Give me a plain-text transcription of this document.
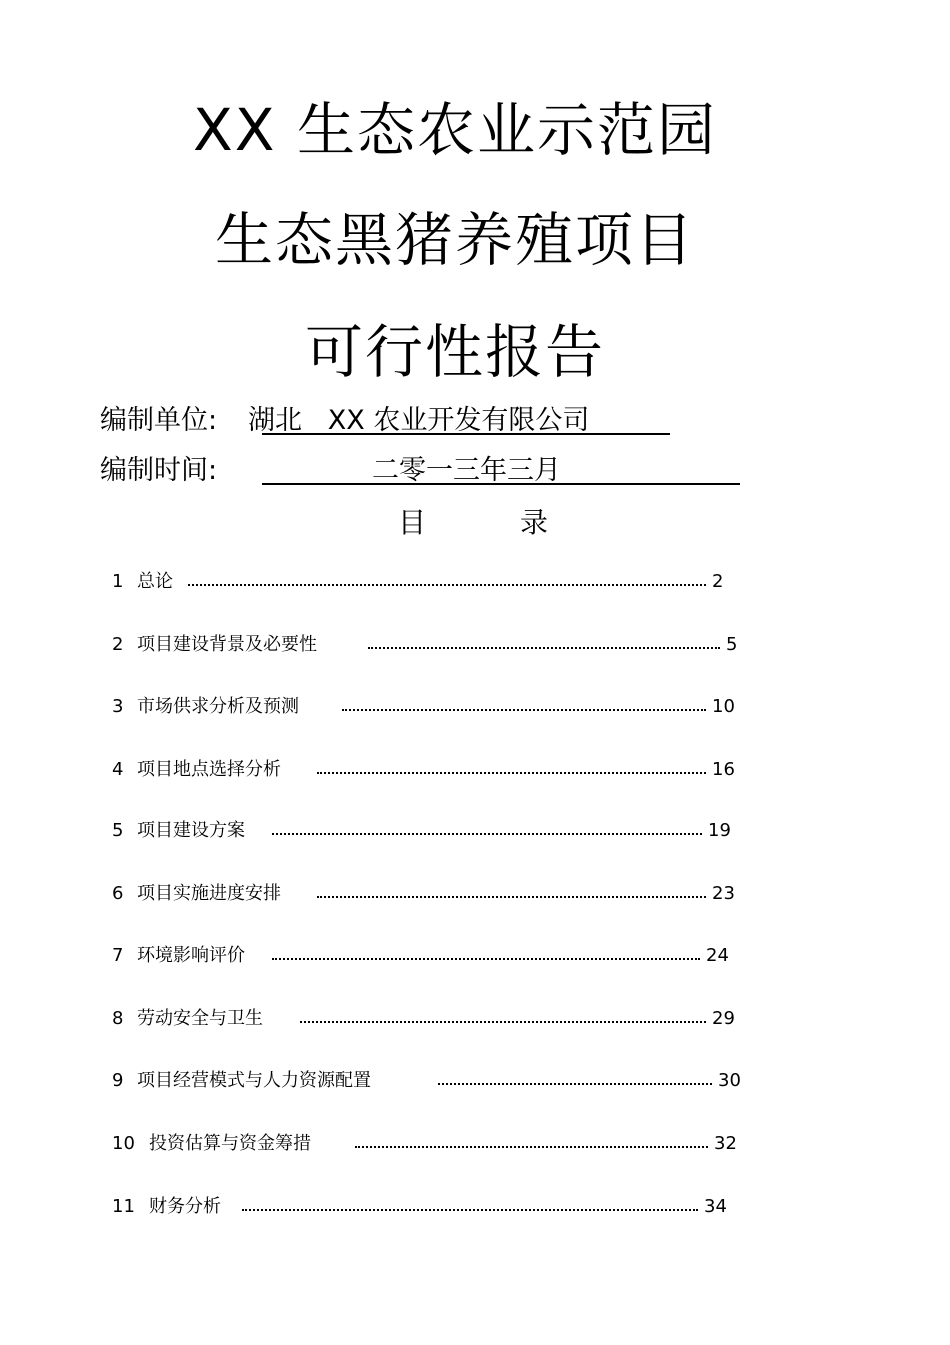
XX 生态农业示范园
生态黑猪养殖项目
可行性报告
编制单位: 湖北   XX 农业开发有限公司
编制时间:	二零一三年三月
目	录
1 总论	2
2 项目建设背景及必要性	5
3 市场供求分析及预测	10
4 项目地点选择分析	16
5 项目建设方案	19
6 项目实施进度安排	23
7 环境影响评价	24
8 劳动安全与卫生	29
9 项目经营模式与人力资源配置	30
10 投资估算与资金筹措	32
11 财务分析	34
